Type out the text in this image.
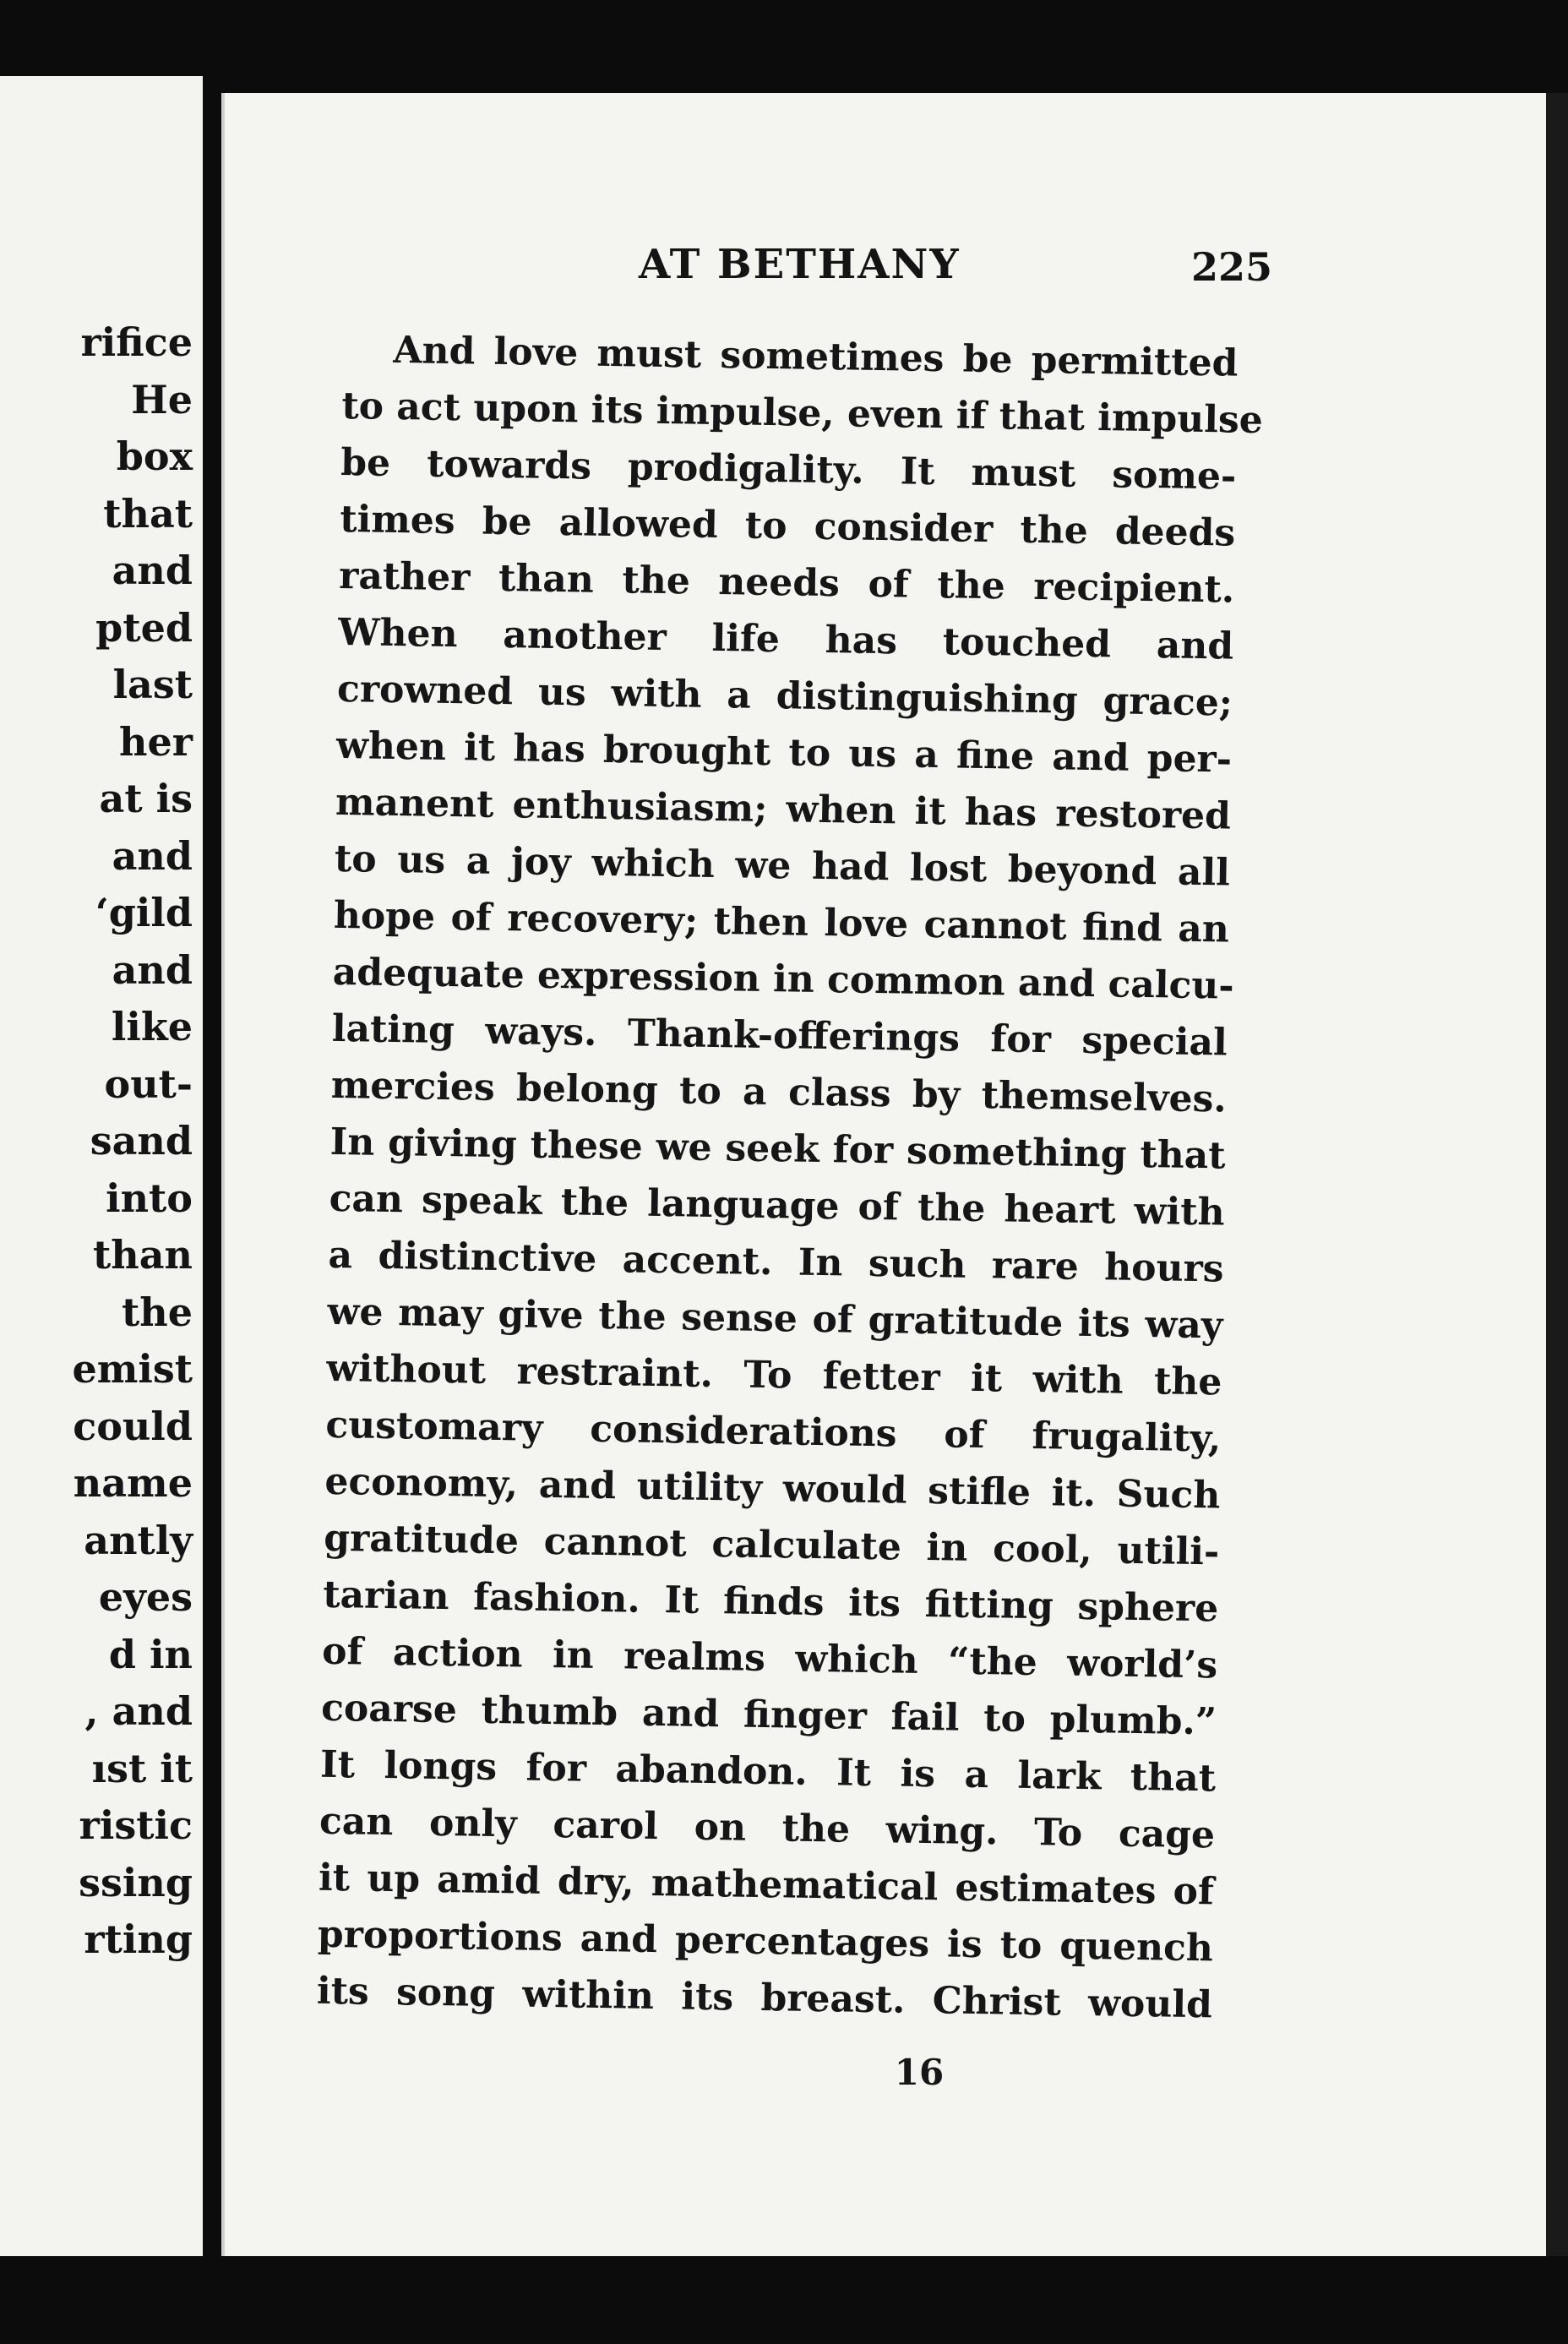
rifice
He
box
that
and
pted
last
her
at is
and
‘gild
and
like
out-
sand
into
than
the
emist
could
name
antly
eyes
d in
, and
ıst it
ristic
ssing
rting
AT BETHANY	225
And love must sometimes be permitted
to act upon its impulse, even if that impulse
be towards prodigality. It must some-
times be allowed to consider the deeds
rather than the needs of the recipient.
When another life has touched and
crowned us with a distinguishing grace;
when it has brought to us a fine and per-
manent enthusiasm; when it has restored
to us a joy which we had lost beyond all
hope of recovery; then love cannot find an
adequate expression in common and calcu-
lating ways. Thank-offerings for special
mercies belong to a class by themselves.
In giving these we seek for something that
can speak the language of the heart with
a distinctive accent. In such rare hours
we may give the sense of gratitude its way
without restraint. To fetter it with the
customary considerations of frugality,
economy, and utility would stifle it. Such
gratitude cannot calculate in cool, utili-
tarian fashion. It finds its fitting sphere
of action in realms which “the world’s
coarse thumb and finger fail to plumb.”
It longs for abandon. It is a lark that
can only carol on the wing. To cage
it up amid dry, mathematical estimates of
proportions and percentages is to quench
its song within its breast. Christ would
16
